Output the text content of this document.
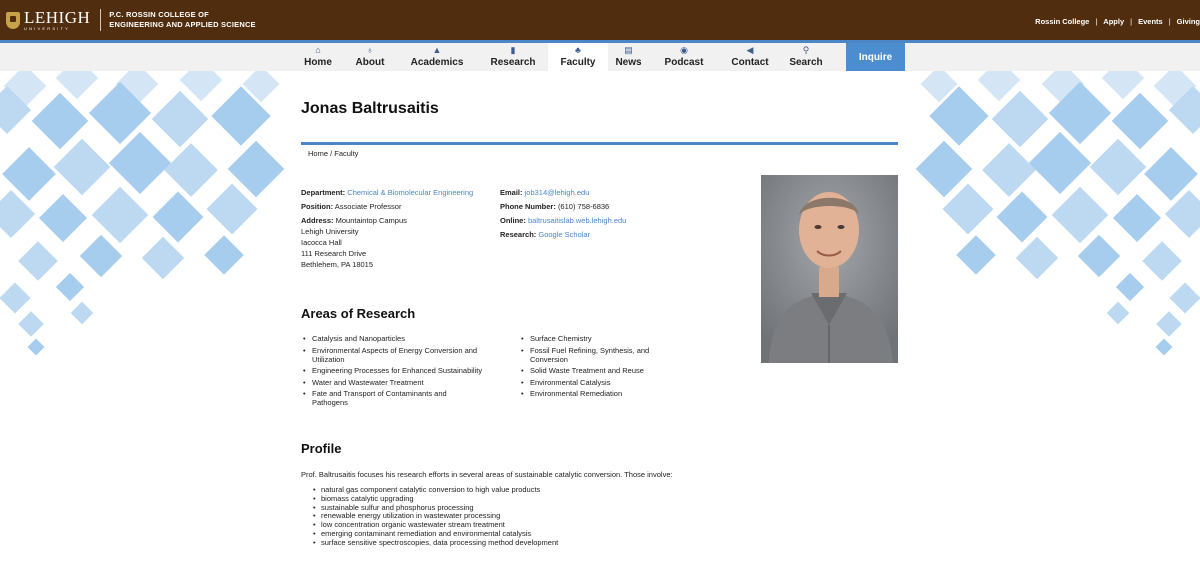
LEHIGH
UNIVERSITY
P.C. ROSSIN COLLEGE OF
ENGINEERING AND APPLIED SCIENCE	Rossin College | Apply | Events | Giving
⌂
Home
♁
About
▲
Academics
▮
Research
♣
Faculty
▤
News
◉
Podcast
◀
Contact
⚲
Search	Inquire
Jonas Baltrusaitis
Home / Faculty
Department: Chemical & Biomolecular Engineering
Position: Associate Professor
Address: Mountaintop Campus
Lehigh University
Iacocca Hall
111 Research Drive
Bethlehem, PA 18015
Email: job314@lehigh.edu
Phone Number: (610) 758-6836
Online: baltrusaitislab.web.lehigh.edu
Research: Google Scholar
Areas of Research
• Catalysis and Nanoparticles
• Environmental Aspects of Energy Conversion and Utilization
• Engineering Processes for Enhanced Sustainability
• Water and Wastewater Treatment
• Fate and Transport of Contaminants and Pathogens
• Surface Chemistry
• Fossil Fuel Refining, Synthesis, and Conversion
• Solid Waste Treatment and Reuse
• Environmental Catalysis
• Environmental Remediation
Profile
Prof. Baltrusaitis focuses his research efforts in several areas of sustainable catalytic conversion. Those involve:
• natural gas component catalytic conversion to high value products
• biomass catalytic upgrading
• sustainable sulfur and phosphorus processing
• renewable energy utilization in wastewater processing
• low concentration organic wastewater stream treatment
• emerging contaminant remediation and environmental catalysis
• surface sensitive spectroscopies, data processing method development
